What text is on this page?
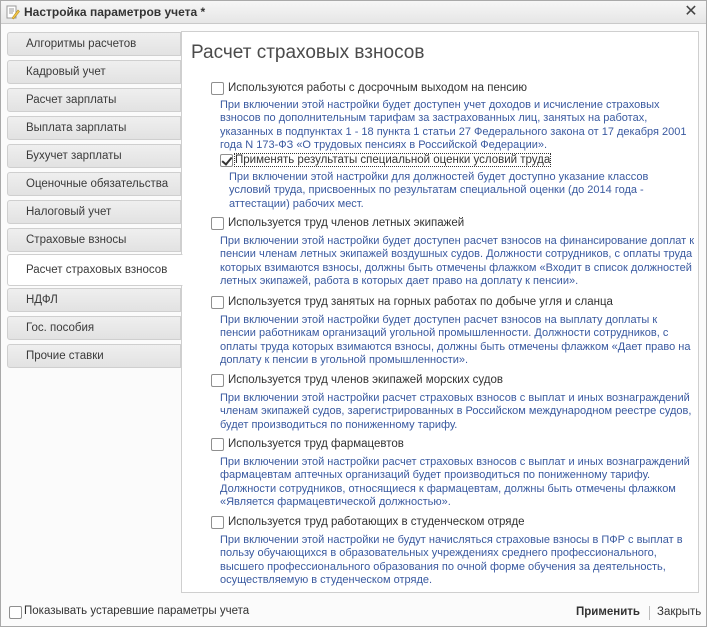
Настройка параметров учета *	✕
Алгоритмы расчетов
Кадровый учет
Расчет зарплаты
Выплата зарплаты
Бухучет зарплаты
Оценочные обязательства
Налоговый учет
Страховые взносы
Расчет страховых взносов
НДФЛ
Гос. пособия
Прочие ставки
Расчет страховых взносов
Используются работы с досрочным выходом на пенсию
При включении этой настройки будет доступен учет доходов и исчисление страховых взносов по дополнительным тарифам за застрахованных лиц, занятых на работах, указанных в подпунктах 1 - 18 пункта 1 статьи 27 Федерального закона от 17 декабря 2001 года N 173-ФЗ «О трудовых пенсиях в Российской Федерации».
Применять результаты специальной оценки условий труда
При включении этой настройки для должностей будет доступно указание классов условий труда, присвоенных по результатам специальной оценки (до 2014 года - аттестации) рабочих мест.
Используется труд членов летных экипажей
При включении этой настройки будет доступен расчет взносов на финансирование доплат к пенсии членам летных экипажей воздушных судов. Должности сотрудников, с оплаты труда которых взимаются взносы, должны быть отмечены флажком «Входит в список должностей летных экипажей, работа в которых дает право на доплату к пенсии».
Используется труд занятых на горных работах по добыче угля и сланца
При включении этой настройки будет доступен расчет взносов на выплату доплаты к пенсии работникам организаций угольной промышленности. Должности сотрудников, с оплаты труда которых взимаются взносы, должны быть отмечены флажком «Дает право на доплату к пенсии в угольной промышленности».
Используется труд членов экипажей морских судов
При включении этой настройки расчет страховых взносов с выплат и иных вознаграждений членам экипажей судов, зарегистрированных в Российском международном реестре судов, будет производиться по пониженному тарифу.
Используется труд фармацевтов
При включении этой настройки расчет страховых взносов с выплат и иных вознаграждений фармацевтам аптечных организаций будет производиться по пониженному тарифу. Должности сотрудников, относящиеся к фармацевтам, должны быть отмечены флажком «Является фармацевтической должностью».
Используется труд работающих в студенческом отряде
При включении этой настройки не будут начисляться страховые взносы в ПФР с выплат в пользу обучающихся в образовательных учреждениях среднего профессионального, высшего профессионального образования по очной форме обучения за деятельность, осуществляемую в студенческом отряде.
Показывать устаревшие параметры учета	Применить Закрыть
